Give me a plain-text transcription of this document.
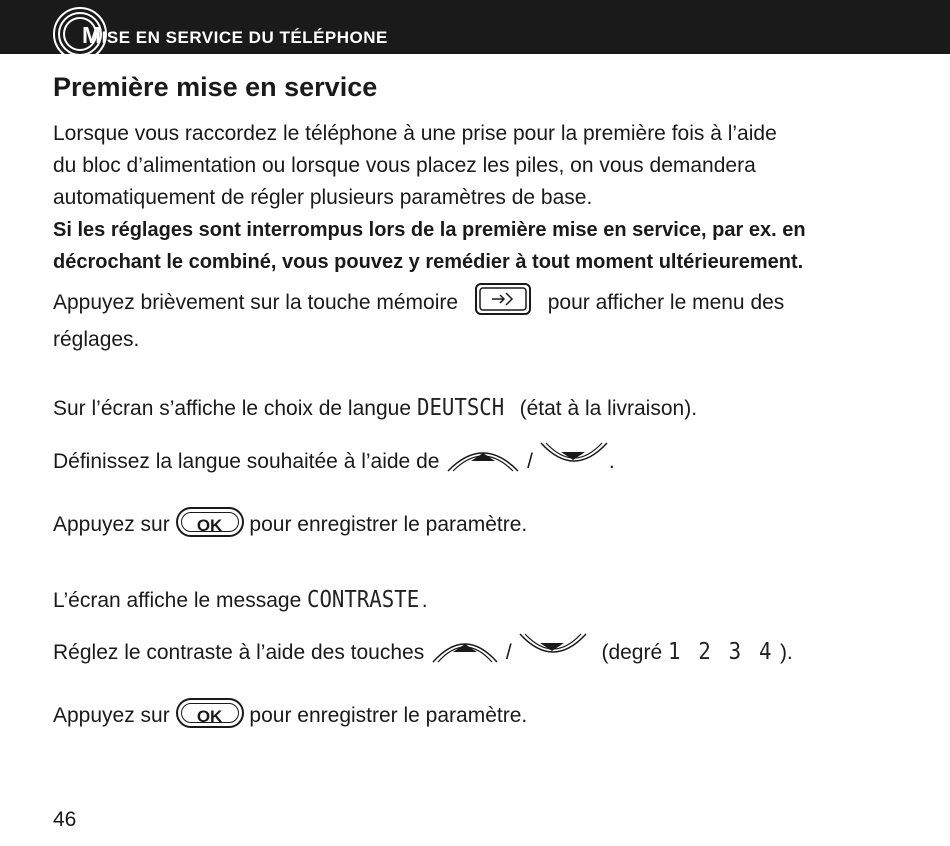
MISE EN SERVICE DU TÉLÉPHONE
Première mise en service
Lorsque vous raccordez le téléphone à une prise pour la première fois à l’aide
du bloc d’alimentation ou lorsque vous placez les piles, on vous demandera
automatiquement de régler plusieurs paramètres de base.
Si les réglages sont interrompus lors de la première mise en service, par ex. en
décrochant le combiné, vous pouvez y remédier à tout moment ultérieurement.
Appuyez brièvement sur la touche mémoire	pour afficher le menu des
réglages.
Sur l’écran s’affiche le choix de langue DEUTSCH (état à la livraison).
Définissez la langue souhaitée à l’aide de	/	.
Appuyez sur OK pour enregistrer le paramètre.
L’écran affiche le message CONTRASTE .
Réglez le contraste à l’aide des touches	/	(degré 1 2 3 4 ).
Appuyez sur OK pour enregistrer le paramètre.
46
